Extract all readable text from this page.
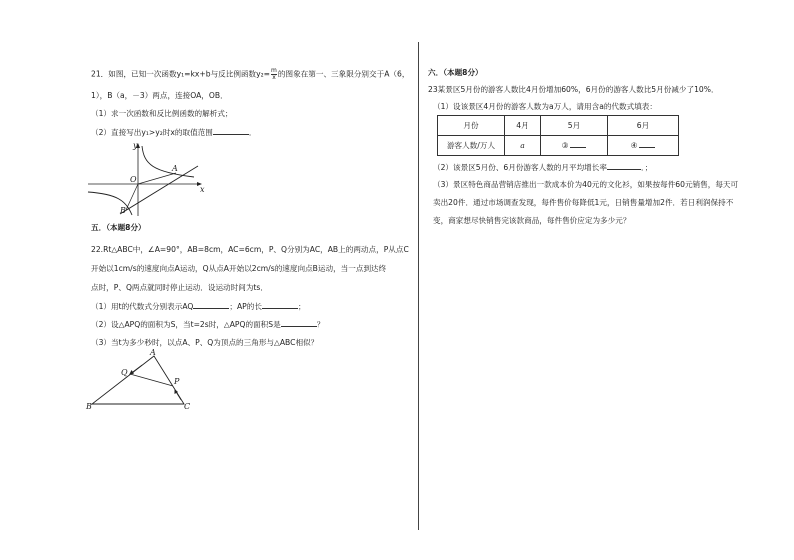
21．如图，已知一次函数y₁=kx+b与反比例函数$y_2= \frac{m}{x}$ 的图象在第一、三象限分别交于A（6，
1），B（a，－3）两点，连接OA，OB．
（1）求一次函数和反比例函数的解析式；
（2）直接写出y₁>y₂时x的取值范围	．
y
x
O
A
B
五．（本题8分）
22.Rt△ABC中，∠A=90°，AB=8cm，AC=6cm，P、Q分别为AC，AB上的两动点，P从点C
开始以1cm/s的速度向点A运动，Q从点A开始以2cm/s的速度向点B运动，当一点到达终
点时，P、Q两点就同时停止运动．设运动时间为ts．
（1）用t的代数式分别表示AQ	；AP的长	；
（2）设△APQ的面积为S，当t=2s时，△APQ的面积S是	？
（3）当t为多少秒时，以点A、P、Q为顶点的三角形与△ABC相似？
A
B	C
P
Q
六．（本题8分）
23某景区5月份的游客人数比4月份增加60%，6月份的游客人数比5月份减少了10%．
（1）设该景区4月份的游客人数为a万人，请用含a的代数式填表：
月份	4月	5月	6月
游客人数/万人	a	③	④
（2）该景区5月份、6月份游客人数的月平均增长率	．；
（3）景区特色商品营销店推出一款成本价为40元的文化衫，如果按每件60元销售，每天可
卖出20件．通过市场调查发现，每件售价每降低1元，日销售量增加2件．若日利润保持不
变，商家想尽快销售完该款商品，每件售价应定为多少元？
